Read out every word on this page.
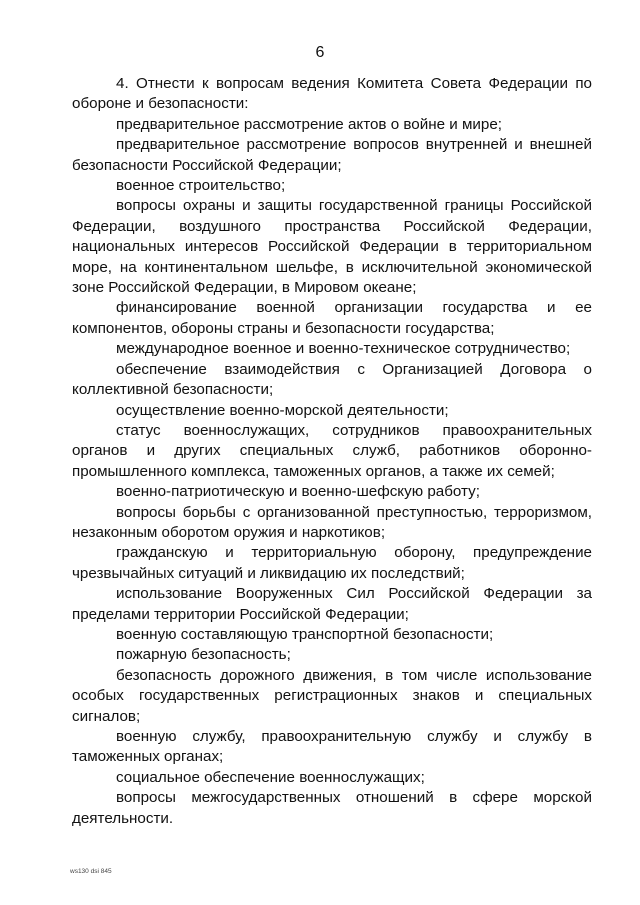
6

4. Отнести к вопросам ведения Комитета Совета Федерации по обороне и безопасности:

предварительное рассмотрение актов о войне и мире;

предварительное рассмотрение вопросов внутренней и внешней безопасности Российской Федерации;

военное строительство;

вопросы охраны и защиты государственной границы Российской Федерации, воздушного пространства Российской Федерации, национальных интересов Российской Федерации в территориальном море, на континентальном шельфе, в исключительной экономической зоне Российской Федерации, в Мировом океане;

финансирование военной организации государства и ее компонентов, обороны страны и безопасности государства;

международное военное и военно-техническое сотрудничество;

обеспечение взаимодействия с Организацией Договора о коллективной безопасности;

осуществление военно-морской деятельности;

статус военнослужащих, сотрудников правоохранительных органов и других специальных служб, работников оборонно-промышленного комплекса, таможенных органов, а также их семей;

военно-патриотическую и военно-шефскую работу;

вопросы борьбы с организованной преступностью, терроризмом, незаконным оборотом оружия и наркотиков;

гражданскую и территориальную оборону, предупреждение чрезвычайных ситуаций и ликвидацию их последствий;

использование Вооруженных Сил Российской Федерации за пределами территории Российской Федерации;

военную составляющую транспортной безопасности;

пожарную безопасность;

безопасность дорожного движения, в том числе использование особых государственных регистрационных знаков и специальных сигналов;

военную службу, правоохранительную службу и службу в таможенных органах;

социальное обеспечение военнослужащих;

вопросы межгосударственных отношений в сфере морской деятельности.

ws130 dsi 845
